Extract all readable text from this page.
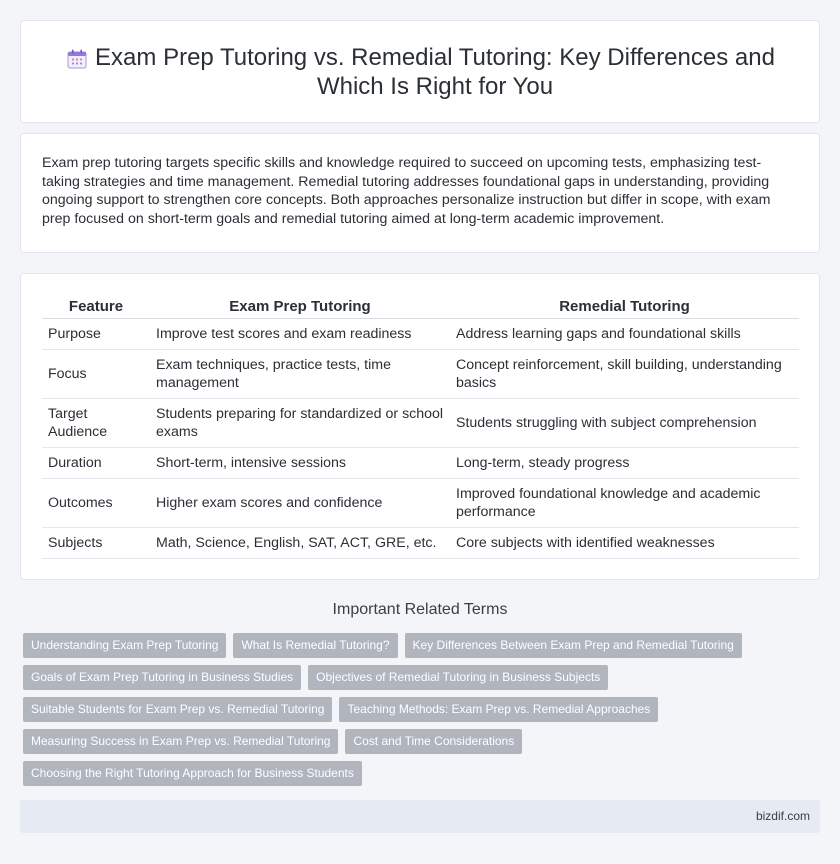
Exam Prep Tutoring vs. Remedial Tutoring: Key Differences and Which Is Right for You

Exam prep tutoring targets specific skills and knowledge required to succeed on upcoming tests, emphasizing test-taking strategies and time management. Remedial tutoring addresses foundational gaps in understanding, providing ongoing support to strengthen core concepts. Both approaches personalize instruction but differ in scope, with exam prep focused on short-term goals and remedial tutoring aimed at long-term academic improvement.

Feature	Exam Prep Tutoring	Remedial Tutoring
Purpose	Improve test scores and exam readiness	Address learning gaps and foundational skills
Focus	Exam techniques, practice tests, time management	Concept reinforcement, skill building, understanding basics
Target Audience	Students preparing for standardized or school exams	Students struggling with subject comprehension
Duration	Short-term, intensive sessions	Long-term, steady progress
Outcomes	Higher exam scores and confidence	Improved foundational knowledge and academic performance
Subjects	Math, Science, English, SAT, ACT, GRE, etc.	Core subjects with identified weaknesses
Important Related Terms
Understanding Exam Prep Tutoring	What Is Remedial Tutoring?	Key Differences Between Exam Prep and Remedial Tutoring
Goals of Exam Prep Tutoring in Business Studies	Objectives of Remedial Tutoring in Business Subjects
Suitable Students for Exam Prep vs. Remedial Tutoring	Teaching Methods: Exam Prep vs. Remedial Approaches
Measuring Success in Exam Prep vs. Remedial Tutoring	Cost and Time Considerations
Choosing the Right Tutoring Approach for Business Students
bizdif.com
